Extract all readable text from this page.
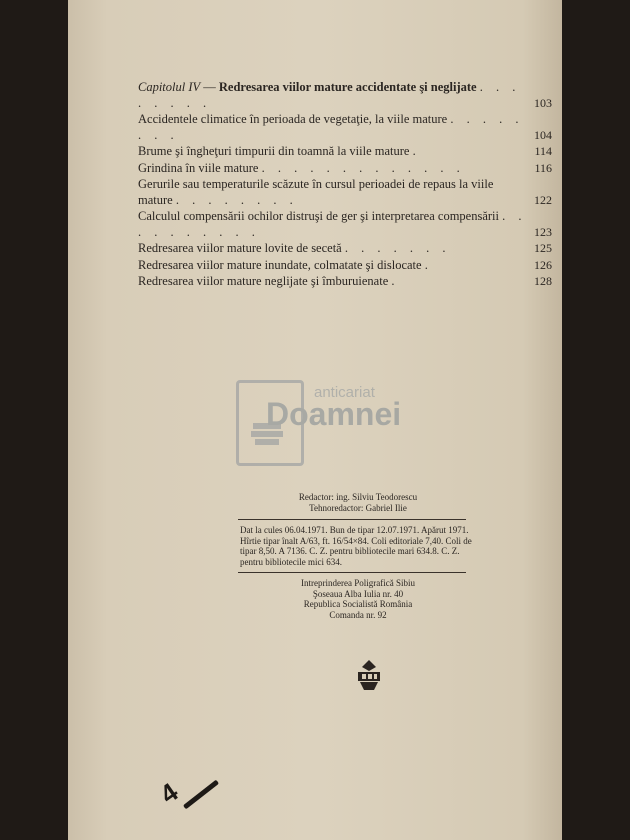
Capitolul IV — Redresarea viilor mature accidentate şi neglijate . . . . . . . .	103
Accidentele climatice în perioada de vegetaţie, la viile mature . . . . . . . .	104
Brume şi îngheţuri timpurii din toamnă la viile mature .	114
Grindina în viile mature . . . . . . . . . . . . .	116
Gerurile sau temperaturile scăzute în cursul perioadei de repaus la viile mature . . . . . . . .	122
Calculul compensării ochilor distruşi de ger şi interpretarea compensării . . . . . . . . . .	123
Redresarea viilor mature lovite de secetă . . . . . . .	125
Redresarea viilor mature inundate, colmatate şi dislocate .	126
Redresarea viilor mature neglijate şi îmburuienate .	128
anticariat
Doamnei

Redactor: ing. Silviu Teodorescu

Tehnoredactor: Gabriel Ilie

Dat la cules 06.04.1971. Bun de tipar 12.07.1971. Apărut 1971. Hîrtie tipar înalt A/63, ft. 16/54×84. Coli editoriale 7,40. Coli de tipar 8,50. A 7136. C. Z. pentru bibliotecile mari 634.8. C. Z. pentru bibliotecile mici 634.

Intreprinderea Poligrafică Sibiu

Şoseaua Alba Iulia nr. 40

Republica Socialistă România

Comanda nr. 92

4
